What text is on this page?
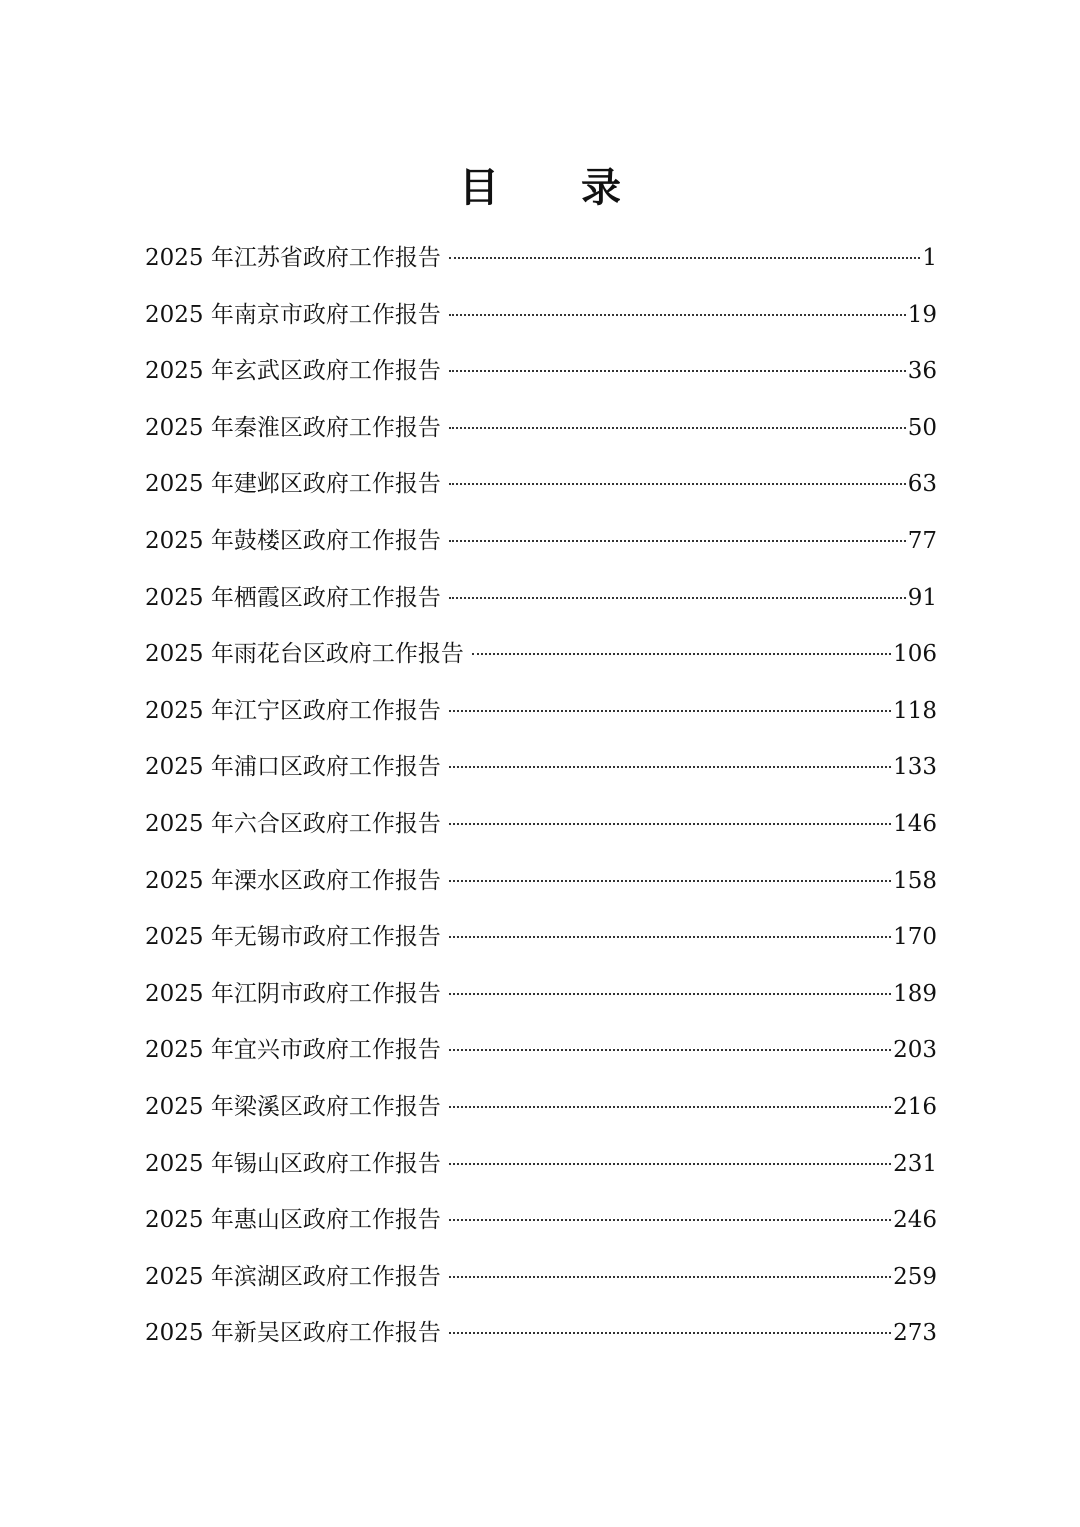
目 录
2025 年江苏省政府工作报告	1
2025 年南京市政府工作报告	19
2025 年玄武区政府工作报告	36
2025 年秦淮区政府工作报告	50
2025 年建邺区政府工作报告	63
2025 年鼓楼区政府工作报告	77
2025 年栖霞区政府工作报告	91
2025 年雨花台区政府工作报告	106
2025 年江宁区政府工作报告	118
2025 年浦口区政府工作报告	133
2025 年六合区政府工作报告	146
2025 年溧水区政府工作报告	158
2025 年无锡市政府工作报告	170
2025 年江阴市政府工作报告	189
2025 年宜兴市政府工作报告	203
2025 年梁溪区政府工作报告	216
2025 年锡山区政府工作报告	231
2025 年惠山区政府工作报告	246
2025 年滨湖区政府工作报告	259
2025 年新吴区政府工作报告	273
